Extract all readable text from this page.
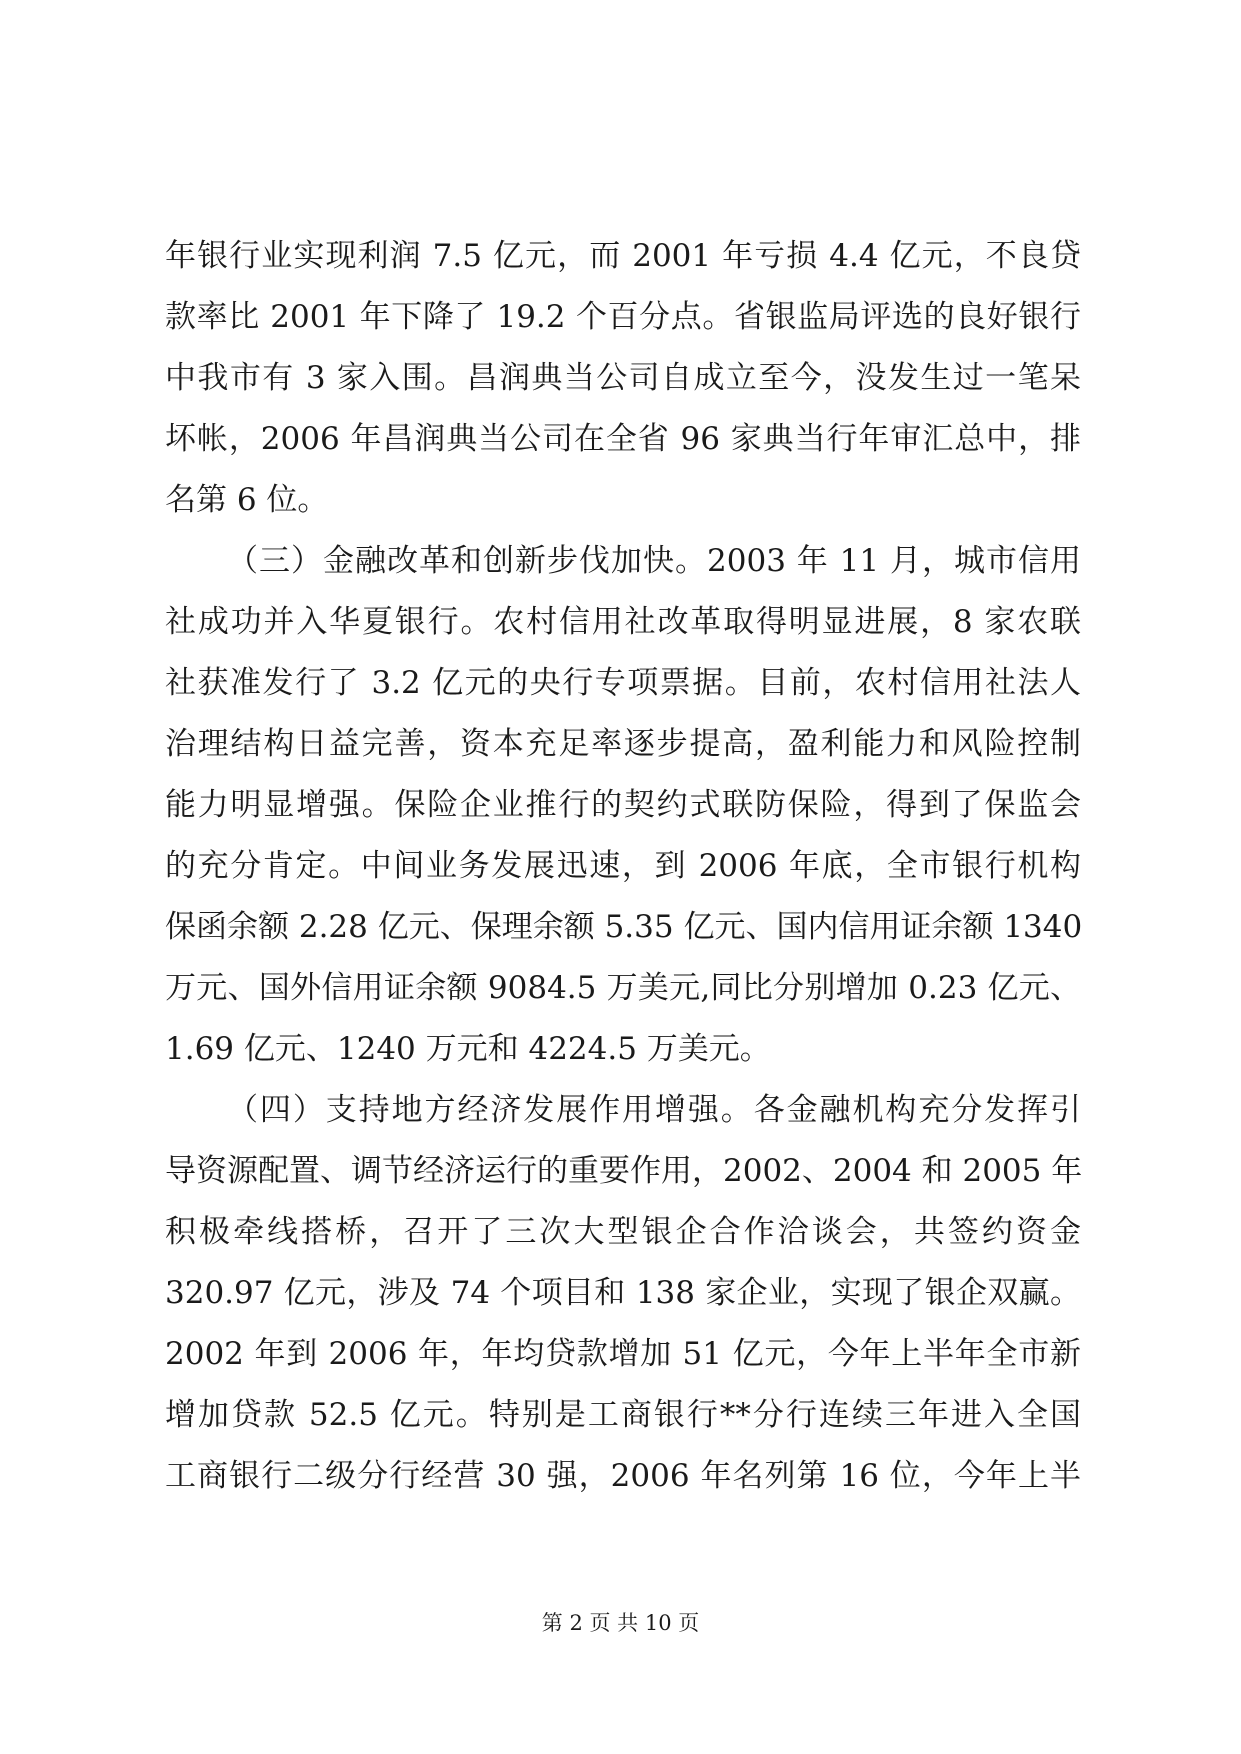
年银行业实现利润 7.5 亿元，而 2001 年亏损 4.4 亿元，不良贷
款率比 2001 年下降了 19.2 个百分点。省银监局评选的良好银行
中我市有 3 家入围。昌润典当公司自成立至今，没发生过一笔呆
坏帐，2006 年昌润典当公司在全省 96 家典当行年审汇总中，排
名第 6 位。
（三）金融改革和创新步伐加快。2003 年 11 月，城市信用
社成功并入华夏银行。农村信用社改革取得明显进展，8 家农联
社获准发行了 3.2 亿元的央行专项票据。目前，农村信用社法人
治理结构日益完善，资本充足率逐步提高，盈利能力和风险控制
能力明显增强。保险企业推行的契约式联防保险，得到了保监会
的充分肯定。中间业务发展迅速，到 2006 年底，全市银行机构
保函余额 2.28 亿元、保理余额 5.35 亿元、国内信用证余额 1340
万元、国外信用证余额 9084.5 万美元,同比分别增加 0.23 亿元、
1.69 亿元、1240 万元和 4224.5 万美元。
（四）支持地方经济发展作用增强。各金融机构充分发挥引
导资源配置、调节经济运行的重要作用，2002、2004 和 2005 年
积极牵线搭桥，召开了三次大型银企合作洽谈会，共签约资金
320.97 亿元，涉及 74 个项目和 138 家企业，实现了银企双赢。
2002 年到 2006 年，年均贷款增加 51 亿元，今年上半年全市新
增加贷款 52.5 亿元。特别是工商银行**分行连续三年进入全国
工商银行二级分行经营 30 强，2006 年名列第 16 位，今年上半
第 2 页 共 10 页
